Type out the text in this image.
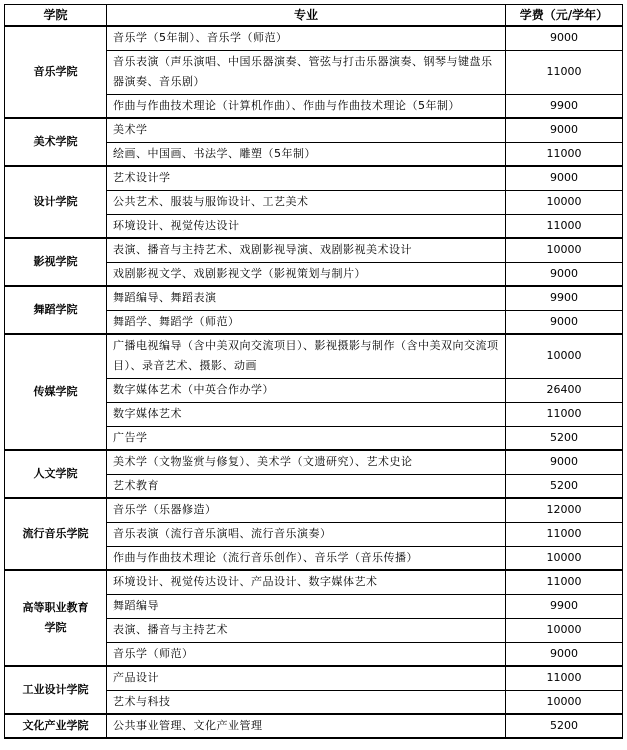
学院	专业	学费（元/学年）
音乐学院	音乐学（5年制）、音乐学（师范）	9000
	音乐表演（声乐演唱、中国乐器演奏、管弦与打击乐器演奏、钢琴与键盘乐器演奏、音乐剧）	11000
	作曲与作曲技术理论（计算机作曲）、作曲与作曲技术理论（5年制）	9900
美术学院	美术学	9000
	绘画、中国画、书法学、雕塑（5年制）	11000
设计学院	艺术设计学	9000
	公共艺术、服装与服饰设计、工艺美术	10000
	环境设计、视觉传达设计	11000
影视学院	表演、播音与主持艺术、戏剧影视导演、戏剧影视美术设计	10000
	戏剧影视文学、戏剧影视文学（影视策划与制片）	9000
舞蹈学院	舞蹈编导、舞蹈表演	9900
	舞蹈学、舞蹈学（师范）	9000
传媒学院	广播电视编导（含中美双向交流项目）、影视摄影与制作（含中美双向交流项目）、录音艺术、摄影、动画	10000
	数字媒体艺术（中英合作办学）	26400
	数字媒体艺术	11000
	广告学	5200
人文学院	美术学（文物鉴赏与修复）、美术学（文遗研究）、艺术史论	9000
	艺术教育	5200
流行音乐学院	音乐学（乐器修造）	12000
	音乐表演（流行音乐演唱、流行音乐演奏）	11000
	作曲与作曲技术理论（流行音乐创作）、音乐学（音乐传播）	10000
高等职业教育学院	环境设计、视觉传达设计、产品设计、数字媒体艺术	11000
	舞蹈编导	9900
	表演、播音与主持艺术	10000
	音乐学（师范）	9000
工业设计学院	产品设计	11000
	艺术与科技	10000
文化产业学院	公共事业管理、文化产业管理	5200
